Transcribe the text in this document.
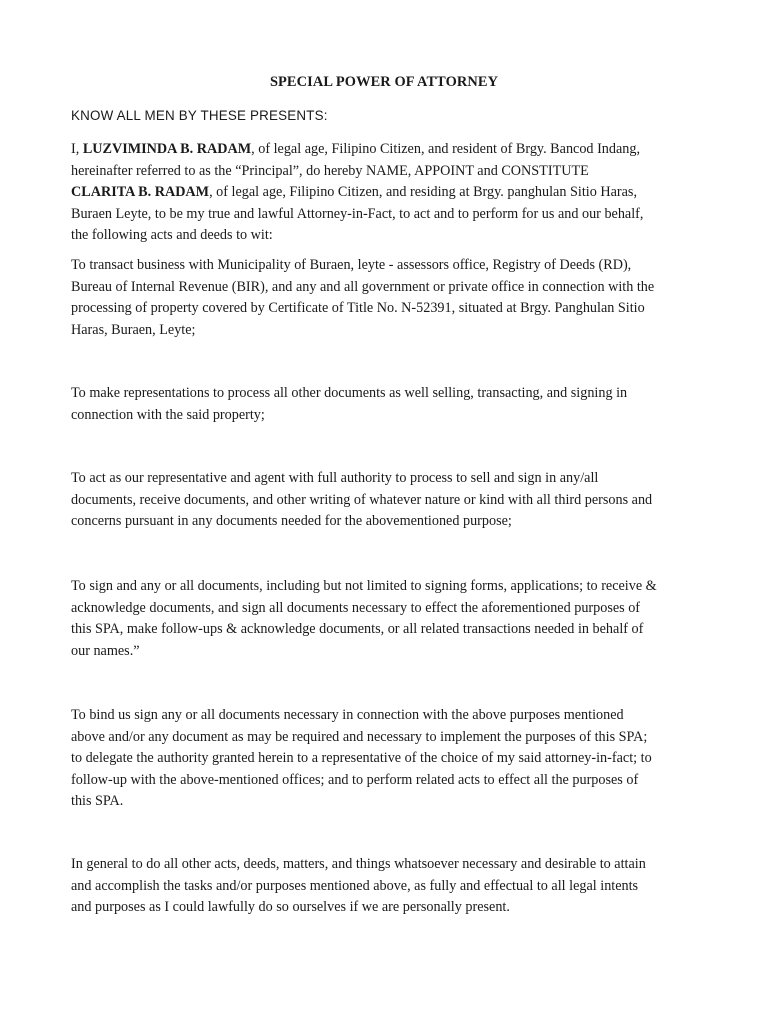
SPECIAL POWER OF ATTORNEY

KNOW ALL MEN BY THESE PRESENTS:

I, LUZVIMINDA B. RADAM, of legal age, Filipino Citizen, and resident of Brgy. Bancod Indang,
hereinafter referred to as the “Principal”, do hereby NAME, APPOINT and CONSTITUTE
CLARITA B. RADAM, of legal age, Filipino Citizen, and residing at Brgy. panghulan Sitio Haras,
Buraen Leyte, to be my true and lawful Attorney-in-Fact, to act and to perform for us and our behalf,
the following acts and deeds to wit:

To transact business with Municipality of Buraen, leyte - assessors office, Registry of Deeds (RD),
Bureau of Internal Revenue (BIR), and any and all government or private office in connection with the
processing of property covered by Certificate of Title No. N-52391, situated at Brgy. Panghulan Sitio
Haras, Buraen, Leyte;

To make representations to process all other documents as well selling, transacting, and signing in
connection with the said property;

To act as our representative and agent with full authority to process to sell and sign in any/all
documents, receive documents, and other writing of whatever nature or kind with all third persons and
concerns pursuant in any documents needed for the abovementioned purpose;

To sign and any or all documents, including but not limited to signing forms, applications; to receive &
acknowledge documents, and sign all documents necessary to effect the aforementioned purposes of
this SPA, make follow-ups & acknowledge documents, or all related transactions needed in behalf of
our names.”

To bind us sign any or all documents necessary in connection with the above purposes mentioned
above and/or any document as may be required and necessary to implement the purposes of this SPA;
to delegate the authority granted herein to a representative of the choice of my said attorney-in-fact; to
follow-up with the above-mentioned offices; and to perform related acts to effect all the purposes of
this SPA.

In general to do all other acts, deeds, matters, and things whatsoever necessary and desirable to attain
and accomplish the tasks and/or purposes mentioned above, as fully and effectual to all legal intents
and purposes as I could lawfully do so ourselves if we are personally present.
